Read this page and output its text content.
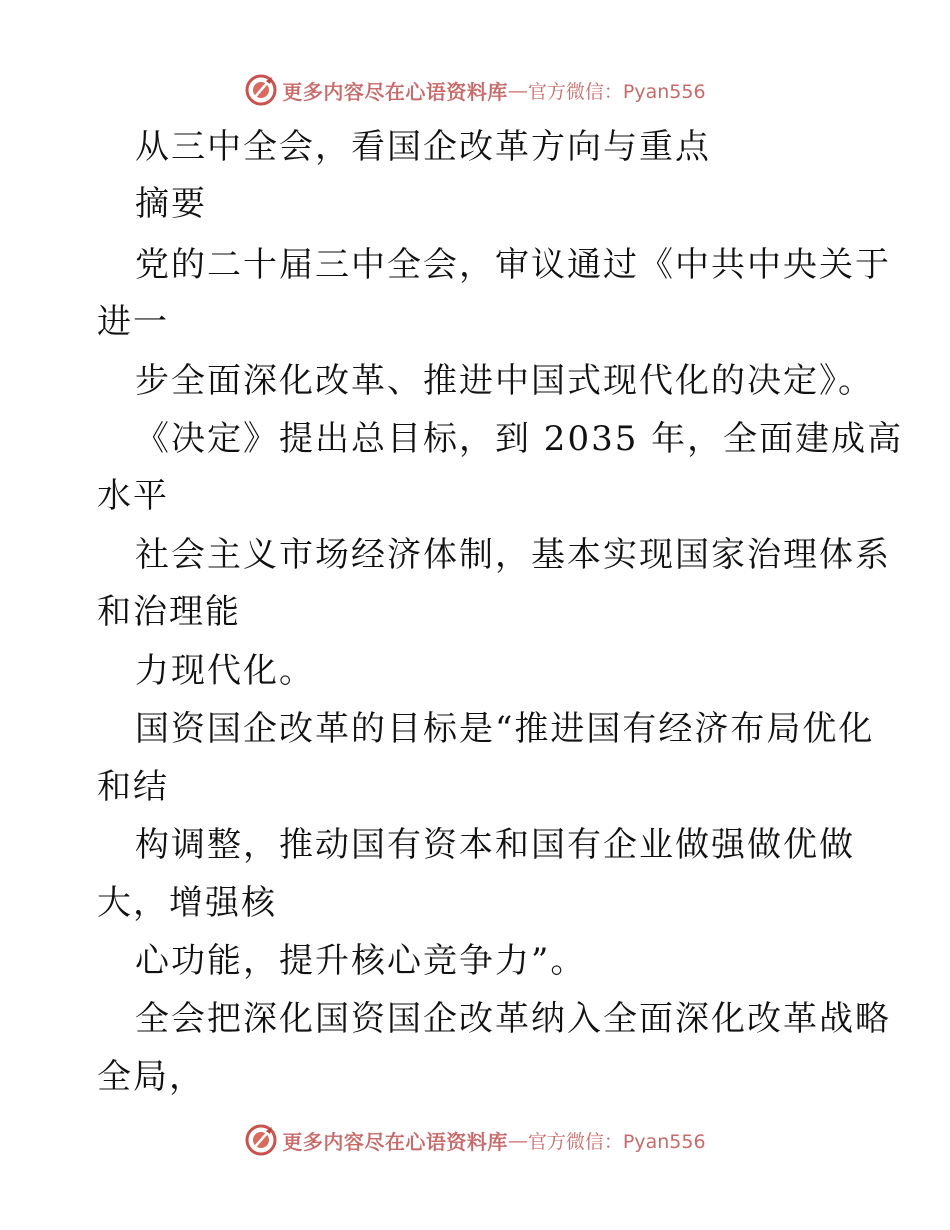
更多内容尽在心语资料库 — 官方微信：Pyan556
从三中全会，看国企改革方向与重点
摘要
党的二十届三中全会，审议通过《中共中央关于
进一
步全面深化改革、推进中国式现代化的决定》。
《决定》提出总目标，到 2035 年，全面建成高
水平
社会主义市场经济体制，基本实现国家治理体系
和治理能
力现代化。
国资国企改革的目标是“推进国有经济布局优化
和结
构调整，推动国有资本和国有企业做强做优做
大，增强核
心功能，提升核心竞争力”。
全会把深化国资国企改革纳入全面深化改革战略
全局，
更多内容尽在心语资料库 — 官方微信：Pyan556
